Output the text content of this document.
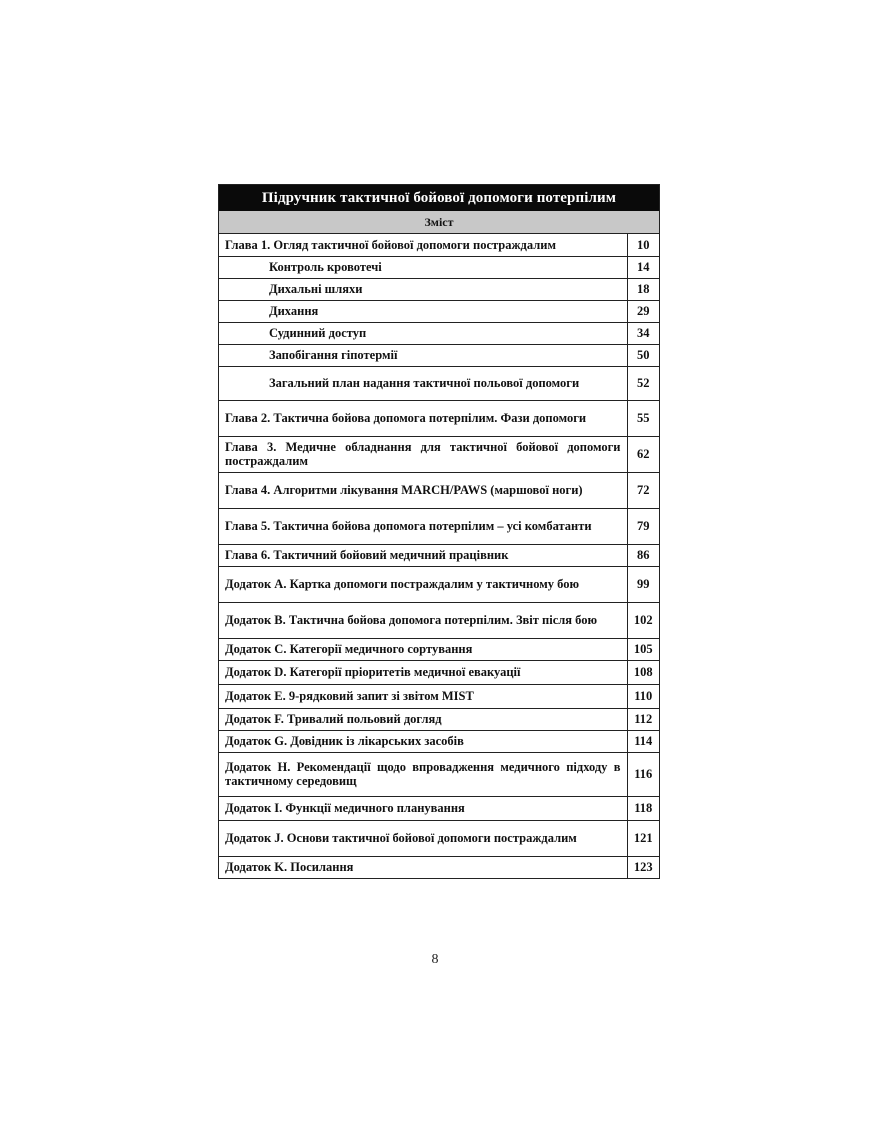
Підручник тактичної бойової допомоги потерпілим
Зміст
Глава 1. Огляд тактичної бойової допомоги постраждалим	10
Контроль кровотечі	14
Дихальні шляхи	18
Дихання	29
Судинний доступ	34
Запобігання гіпотермії	50
Загальний план надання тактичної польової допомоги	52
Глава 2. Тактична бойова допомога потерпілим. Фази допомоги	55
Глава 3. Медичне обладнання для тактичної бойової допомоги постраждалим	62
Глава 4. Алгоритми лікування MARCH/PAWS (маршової ноги)	72
Глава 5. Тактична бойова допомога потерпілим – усі комбатанти	79
Глава 6. Тактичний бойовий медичний працівник	86
Додаток А. Картка допомоги постраждалим у тактичному бою	99
Додаток В. Тактична бойова допомога потерпілим. Звіт після бою	102
Додаток С. Категорії медичного сортування	105
Додаток D. Категорії пріоритетів медичної евакуації	108
Додаток Е. 9-рядковий запит зі звітом MIST	110
Додаток F. Тривалий польовий догляд	112
Додаток G. Довідник із лікарських засобів	114
Додаток H. Рекомендації щодо впровадження медичного підходу в тактичному середовищ	116
Додаток I. Функції медичного планування	118
Додаток J. Основи тактичної бойової допомоги постраждалим	121
Додаток K. Посилання	123
8
